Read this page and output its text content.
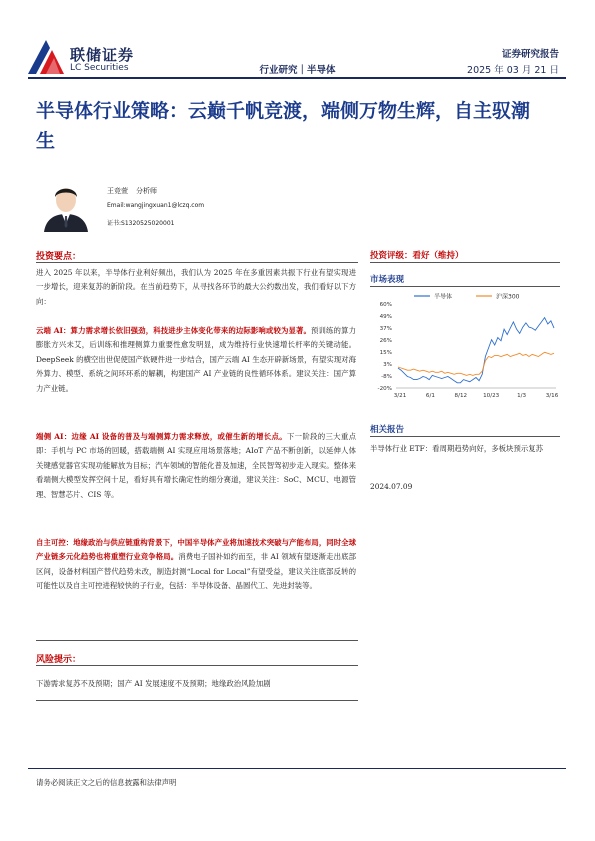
联储证券
LC Securities	行业研究｜半导体
证券研究报告
2025 年 03 月 21 日
半导体行业策略：云巅千帆竞渡，端侧万物生辉，自主驭潮生
王竞萱 分析师
Email:wangjingxuan1@lczq.com
证书:S1320525020001
投资要点：
进入 2025 年以来，半导体行业利好频出，我们认为 2025 年在多重因素共振下行业有望实现进一步增长，迎来复苏的新阶段。在当前趋势下，从寻找各环节的最大公约数出发，我们看好以下方向：
云端 AI：算力需求增长依旧强劲，科技进步主体变化带来的边际影响或较为显著。预训练的算力膨胀方兴未艾，后训练和推理侧算力重要性愈发明显，成为维持行业快速增长杆率的关键动能。DeepSeek 的横空出世促使国产软硬件进一步结合，国产云端 AI 生态开辟新场景，有望实现对海外算力、模型、系统之间环环系的解耦，构建国产 AI 产业链的良性循环体系。建议关注：国产算力产业链。
端侧 AI：边缘 AI 设备的普及与端侧算力需求释放，或催生新的增长点。下一阶段的三大重点即：手机与 PC 市场的回暖，搭载端侧 AI 实现应用场景落地；AIoT 产品不断创新，以延伸人体关键感觉器官实现功能解放为目标；汽车领域的智能化普及加速，全民智驾初步走入现实。整体来看端侧大模型发挥空间十足，看好具有增长确定性的细分赛道，建议关注：SoC、MCU、电源管理、智慧芯片、CIS 等。
自主可控：地缘政治与供应链重构背景下，中国半导体产业将加速技术突破与产能布局，同时全球产业链多元化趋势也将重塑行业竞争格局。消费电子国补如约而至，非 AI 领域有望逐渐走出底部区间，设备材料国产替代趋势未改，制造封测“Local for Local”有望受益，建议关注底部反转的可能性以及自主可控进程较快的子行业，包括：半导体设备、晶圆代工、先进封装等。
风险提示：
下游需求复苏不及预期；国产 AI 发展速度不及预期；地缘政治风险加剧
投资评级：看好（维持）
市场表现
半导体	沪深300
60%
49%
37%
26%
15%
3%
-8%
-20%
3/21	6/1	8/12	10/23	1/3	3/16
相关报告
半导体行业 ETF：看周期趋势向好，多板块预示复苏
2024.07.09
请务必阅读正文之后的信息披露和法律声明
